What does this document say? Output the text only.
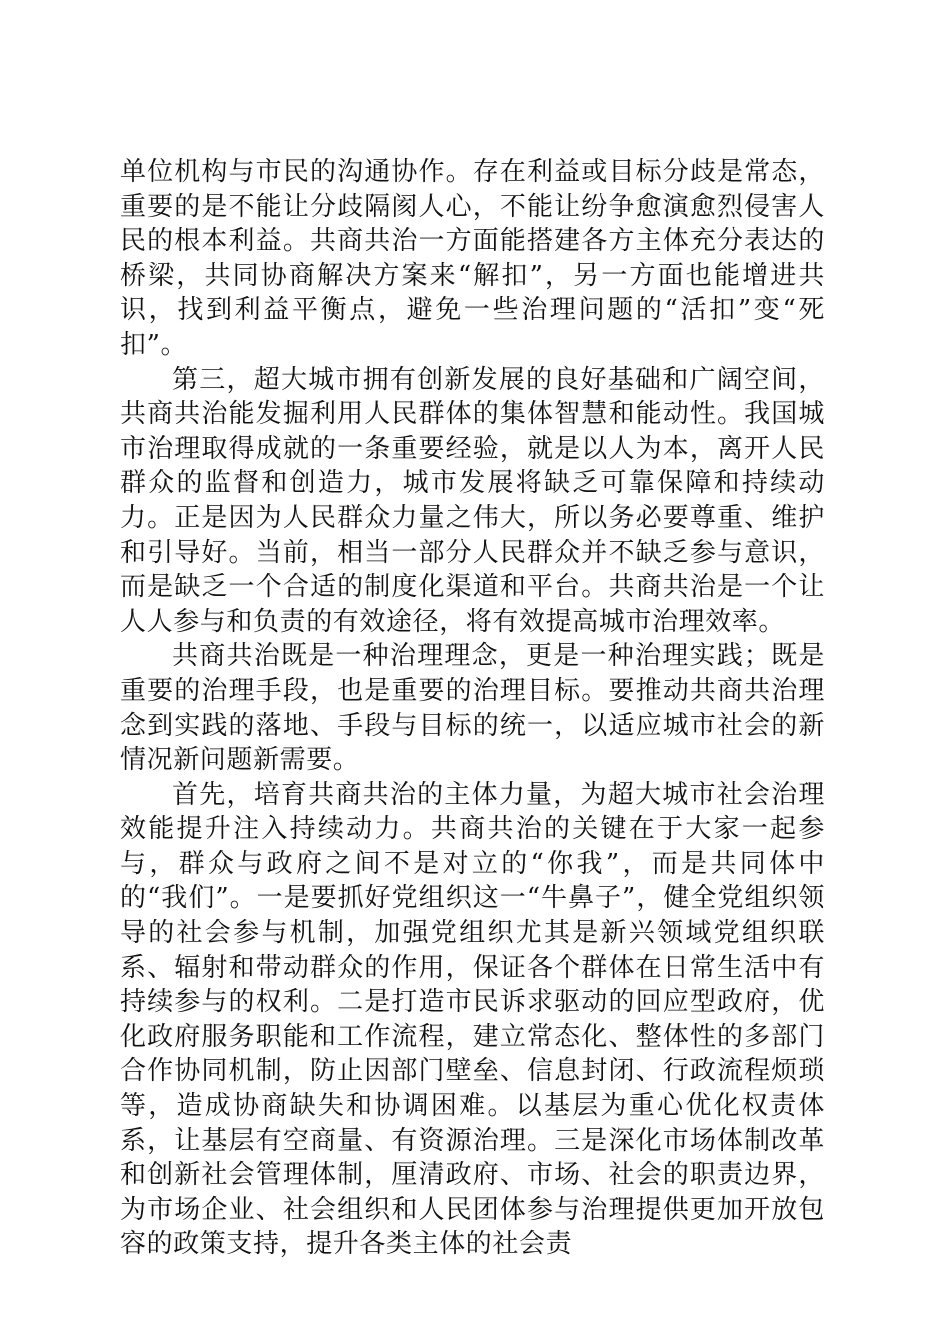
单位机构与市民的沟通协作。存在利益或目标分歧是常态，重要的是不能让分歧隔阂人心，不能让纷争愈演愈烈侵害人民的根本利益。共商共治一方面能搭建各方主体充分表达的桥梁，共同协商解决方案来“解扣”，另一方面也能增进共识，找到利益平衡点，避免一些治理问题的“活扣”变“死扣”。

第三，超大城市拥有创新发展的良好基础和广阔空间，共商共治能发掘利用人民群体的集体智慧和能动性。我国城市治理取得成就的一条重要经验，就是以人为本，离开人民群众的监督和创造力，城市发展将缺乏可靠保障和持续动力。正是因为人民群众力量之伟大，所以务必要尊重、维护和引导好。当前，相当一部分人民群众并不缺乏参与意识，而是缺乏一个合适的制度化渠道和平台。共商共治是一个让人人参与和负责的有效途径，将有效提高城市治理效率。

共商共治既是一种治理理念，更是一种治理实践；既是重要的治理手段，也是重要的治理目标。要推动共商共治理念到实践的落地、手段与目标的统一，以适应城市社会的新情况新问题新需要。

首先，培育共商共治的主体力量，为超大城市社会治理效能提升注入持续动力。共商共治的关键在于大家一起参与，群众与政府之间不是对立的“你我”，而是共同体中的“我们”。一是要抓好党组织这一“牛鼻子”，健全党组织领导的社会参与机制，加强党组织尤其是新兴领域党组织联系、辐射和带动群众的作用，保证各个群体在日常生活中有持续参与的权利。二是打造市民诉求驱动的回应型政府，优化政府服务职能和工作流程，建立常态化、整体性的多部门合作协同机制，防止因部门壁垒、信息封闭、行政流程烦琐等，造成协商缺失和协调困难。以基层为重心优化权责体系，让基层有空商量、有资源治理。三是深化市场体制改革和创新社会管理体制，厘清政府、市场、社会的职责边界，为市场企业、社会组织和人民团体参与治理提供更加开放包容的政策支持，提升各类主体的社会责
